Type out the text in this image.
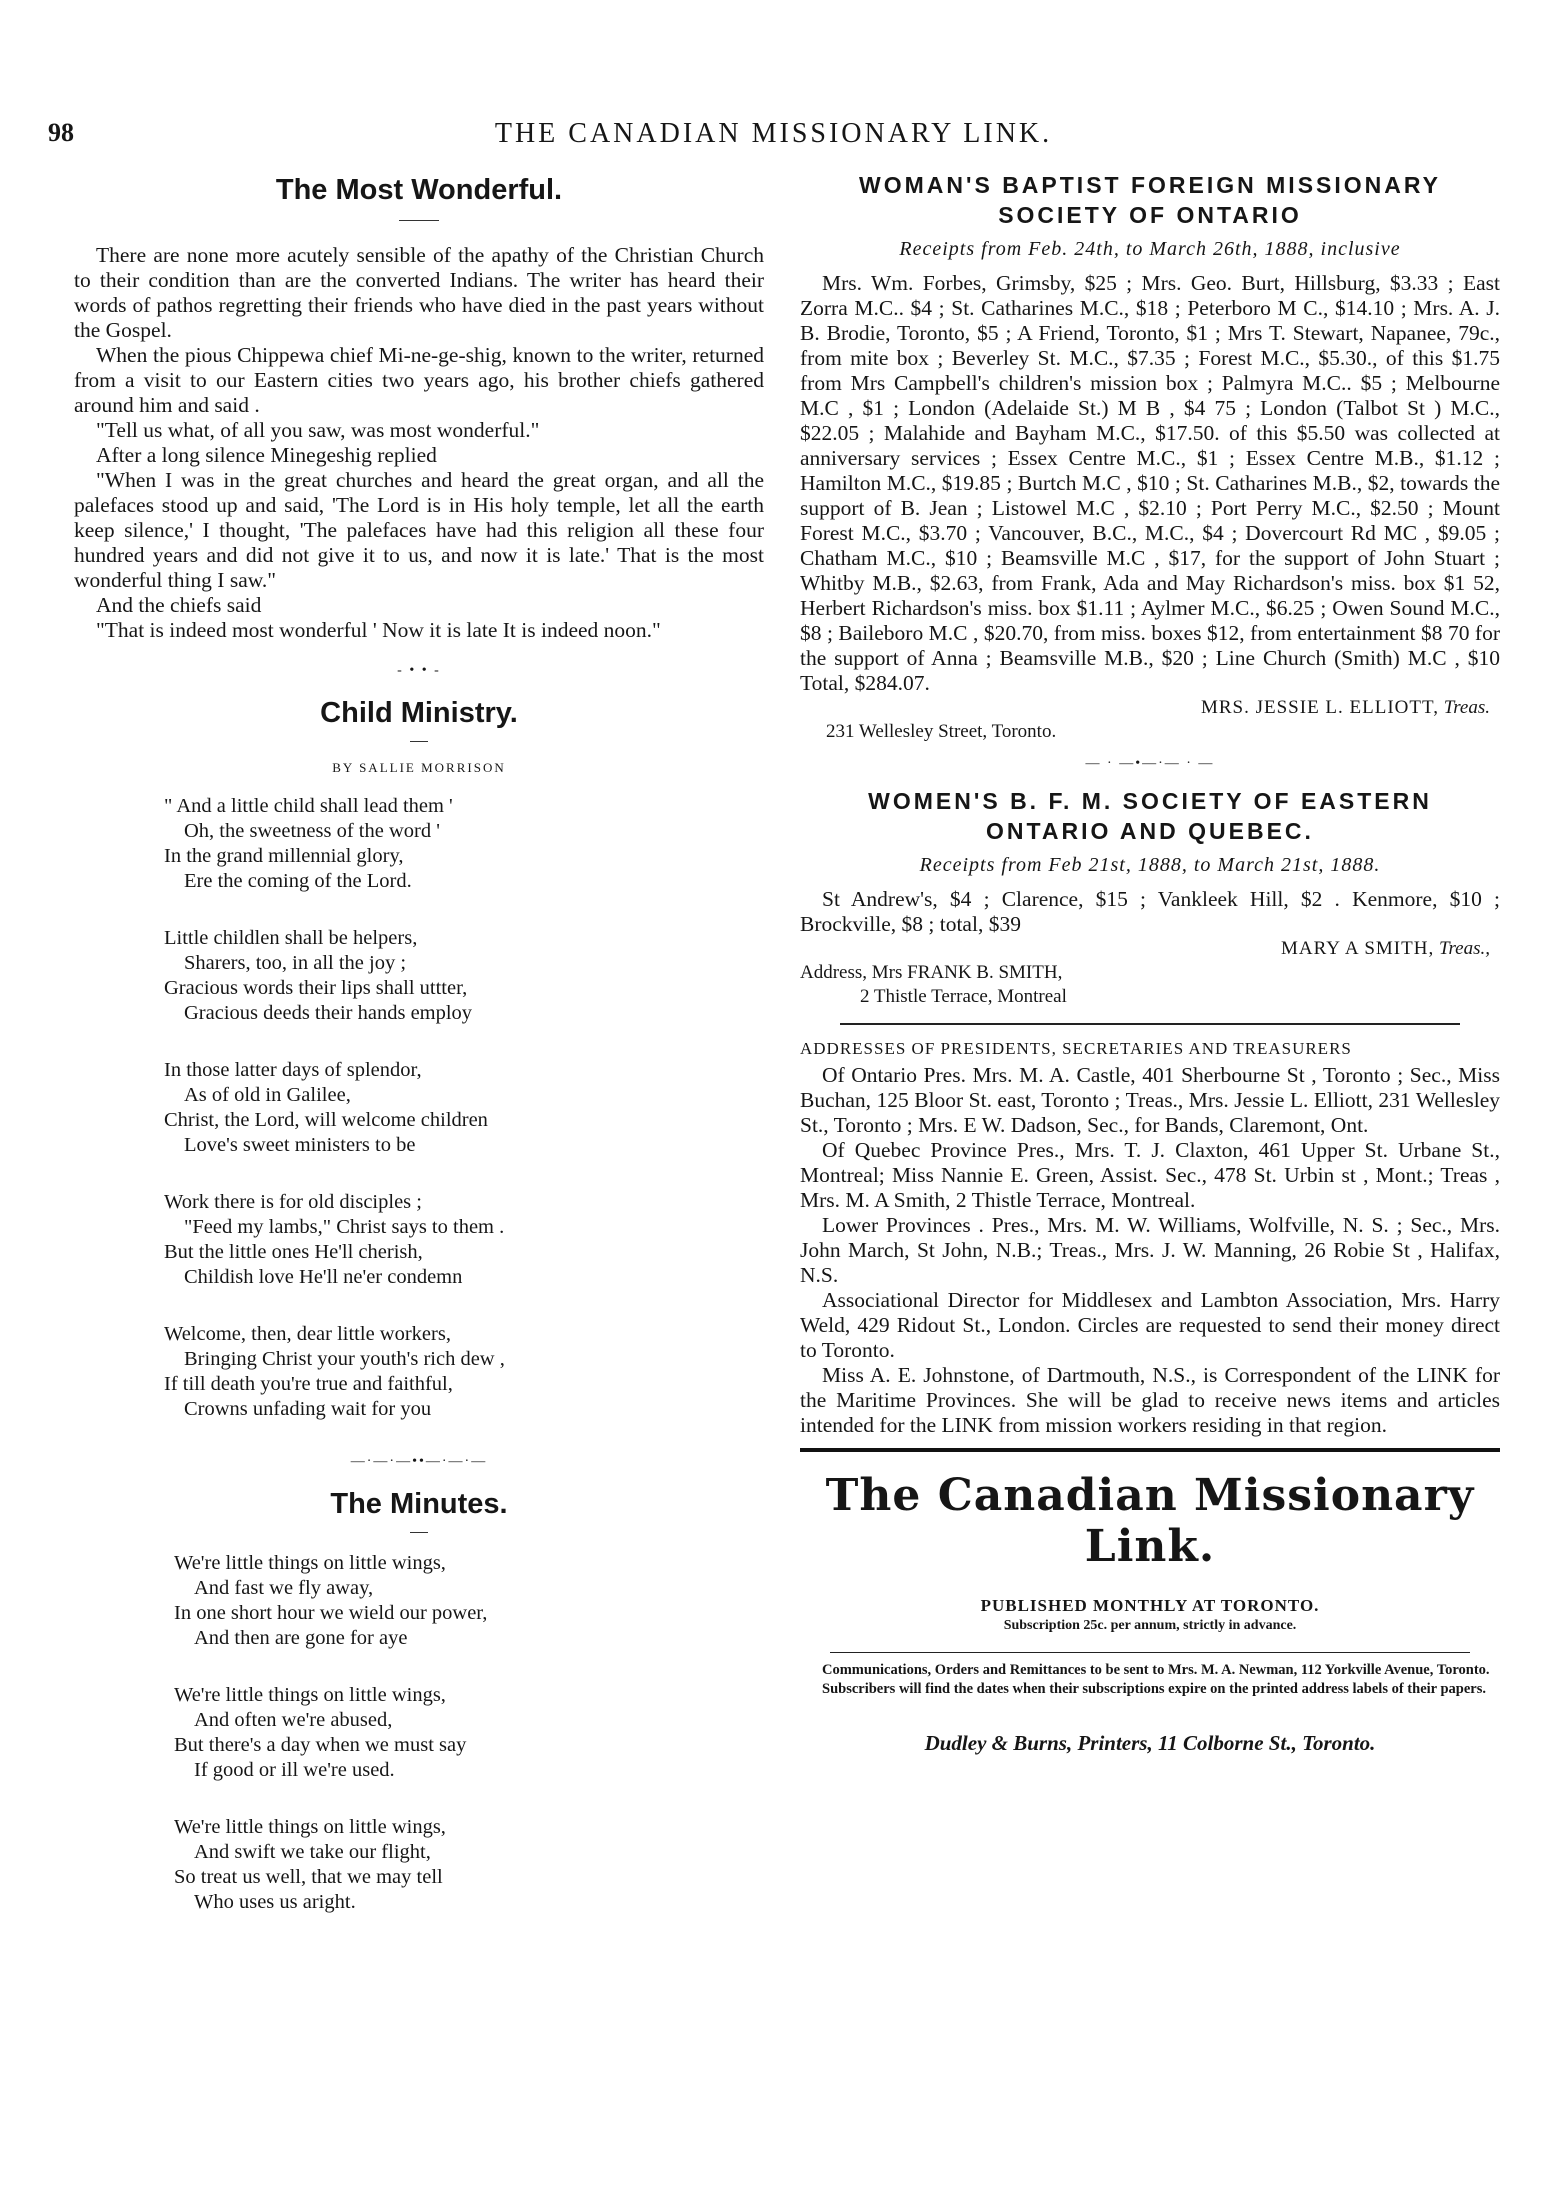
98	THE CANADIAN MISSIONARY LINK.
The Most Wonderful.

There are none more acutely sensible of the apathy of the Christian Church to their condition than are the converted Indians. The writer has heard their words of pathos regretting their friends who have died in the past years without the Gospel.

When the pious Chippewa chief Mi-ne-ge-shig, known to the writer, returned from a visit to our Eastern cities two years ago, his brother chiefs gathered around him and said .

"Tell us what, of all you saw, was most wonderful."

After a long silence Minegeshig replied

"When I was in the great churches and heard the great organ, and all the palefaces stood up and said, 'The Lord is in His holy temple, let all the earth keep silence,' I thought, 'The palefaces have had this religion all these four hundred years and did not give it to us, and now it is late.' That is the most wonderful thing I saw."

And the chiefs said

"That is indeed most wonderful ' Now it is late It is indeed noon."

- • • -
Child Ministry.
BY SALLIE MORRISON
" And a little child shall lead them '
Oh, the sweetness of the word '
In the grand millennial glory,
Ere the coming of the Lord.
Little childlen shall be helpers,
Sharers, too, in all the joy ;
Gracious words their lips shall uttter,
Gracious deeds their hands employ
In those latter days of splendor,
As of old in Galilee,
Christ, the Lord, will welcome children
Love's sweet ministers to be
Work there is for old disciples ;
"Feed my lambs," Christ says to them .
But the little ones He'll cherish,
Childish love He'll ne'er condemn
Welcome, then, dear little workers,
Bringing Christ your youth's rich dew ,
If till death you're true and faithful,
Crowns unfading wait for you
—·—·—••—·—·—
The Minutes.
We're little things on little wings,
And fast we fly away,
In one short hour we wield our power,
And then are gone for aye
We're little things on little wings,
And often we're abused,
But there's a day when we must say
If good or ill we're used.
We're little things on little wings,
And swift we take our flight,
So treat us well, that we may tell
Who uses us aright.
WOMAN'S BAPTIST FOREIGN MISSIONARY
SOCIETY OF ONTARIO
Receipts from Feb. 24th, to March 26th, 1888, inclusive

Mrs. Wm. Forbes, Grimsby, $25 ; Mrs. Geo. Burt, Hillsburg, $3.33 ; East Zorra M.C.. $4 ; St. Catharines M.C., $18 ; Peterboro M C., $14.10 ; Mrs. A. J. B. Brodie, Toronto, $5 ; A Friend, Toronto, $1 ; Mrs T. Stewart, Napanee, 79c., from mite box ; Beverley St. M.C., $7.35 ; Forest M.C., $5.30., of this $1.75 from Mrs Campbell's children's mission box ; Palmyra M.C.. $5 ; Melbourne M.C , $1 ; London (Adelaide St.) M B , $4 75 ; London (Talbot St ) M.C., $22.05 ; Malahide and Bayham M.C., $17.50. of this $5.50 was collected at anniversary services ; Essex Centre M.C., $1 ; Essex Centre M.B., $1.12 ; Hamilton M.C., $19.85 ; Burtch M.C , $10 ; St. Catharines M.B., $2, towards the support of B. Jean ; Listowel M.C , $2.10 ; Port Perry M.C., $2.50 ; Mount Forest M.C., $3.70 ; Vancouver, B.C., M.C., $4 ; Dovercourt Rd MC , $9.05 ; Chatham M.C., $10 ; Beamsville M.C , $17, for the support of John Stuart ; Whitby M.B., $2.63, from Frank, Ada and May Richardson's miss. box $1 52, Herbert Richardson's miss. box $1.11 ; Aylmer M.C., $6.25 ; Owen Sound M.C., $8 ; Baileboro M.C , $20.70, from miss. boxes $12, from entertainment $8 70 for the support of Anna ; Beamsville M.B., $20 ; Line Church (Smith) M.C , $10 Total, $284.07.

MRS. JESSIE L. ELLIOTT, Treas.
231 Wellesley Street, Toronto.
— · —•—·— · —
WOMEN'S B. F. M. SOCIETY OF EASTERN
ONTARIO AND QUEBEC.
Receipts from Feb 21st, 1888, to March 21st, 1888.

St Andrew's, $4 ; Clarence, $15 ; Vankleek Hill, $2 . Kenmore, $10 ; Brockville, $8 ; total, $39

MARY A SMITH, Treas.,
Address, Mrs FRANK B. SMITH,
2 Thistle Terrace, Montreal
ADDRESSES OF PRESIDENTS, SECRETARIES AND TREASURERS

Of Ontario Pres. Mrs. M. A. Castle, 401 Sherbourne St , Toronto ; Sec., Miss Buchan, 125 Bloor St. east, Toronto ; Treas., Mrs. Jessie L. Elliott, 231 Wellesley St., Toronto ; Mrs. E W. Dadson, Sec., for Bands, Claremont, Ont.

Of Quebec Province Pres., Mrs. T. J. Claxton, 461 Upper St. Urbane St., Montreal; Miss Nannie E. Green, Assist. Sec., 478 St. Urbin st , Mont.; Treas , Mrs. M. A Smith, 2 Thistle Terrace, Montreal.

Lower Provinces . Pres., Mrs. M. W. Williams, Wolfville, N. S. ; Sec., Mrs. John March, St John, N.B.; Treas., Mrs. J. W. Manning, 26 Robie St , Halifax, N.S.

Associational Director for Middlesex and Lambton Association, Mrs. Harry Weld, 429 Ridout St., London. Circles are requested to send their money direct to Toronto.

Miss A. E. Johnstone, of Dartmouth, N.S., is Correspondent of the LINK for the Maritime Provinces. She will be glad to receive news items and articles intended for the LINK from mission workers residing in that region.

The Canadian Missionary Link.

PUBLISHED MONTHLY AT TORONTO.

Subscription 25c. per annum, strictly in advance.

Communications, Orders and Remittances to be sent to Mrs. M. A. Newman, 112 Yorkville Avenue, Toronto.

Subscribers will find the dates when their subscriptions expire on the printed address labels of their papers.

Dudley & Burns, Printers, 11 Colborne St., Toronto.
